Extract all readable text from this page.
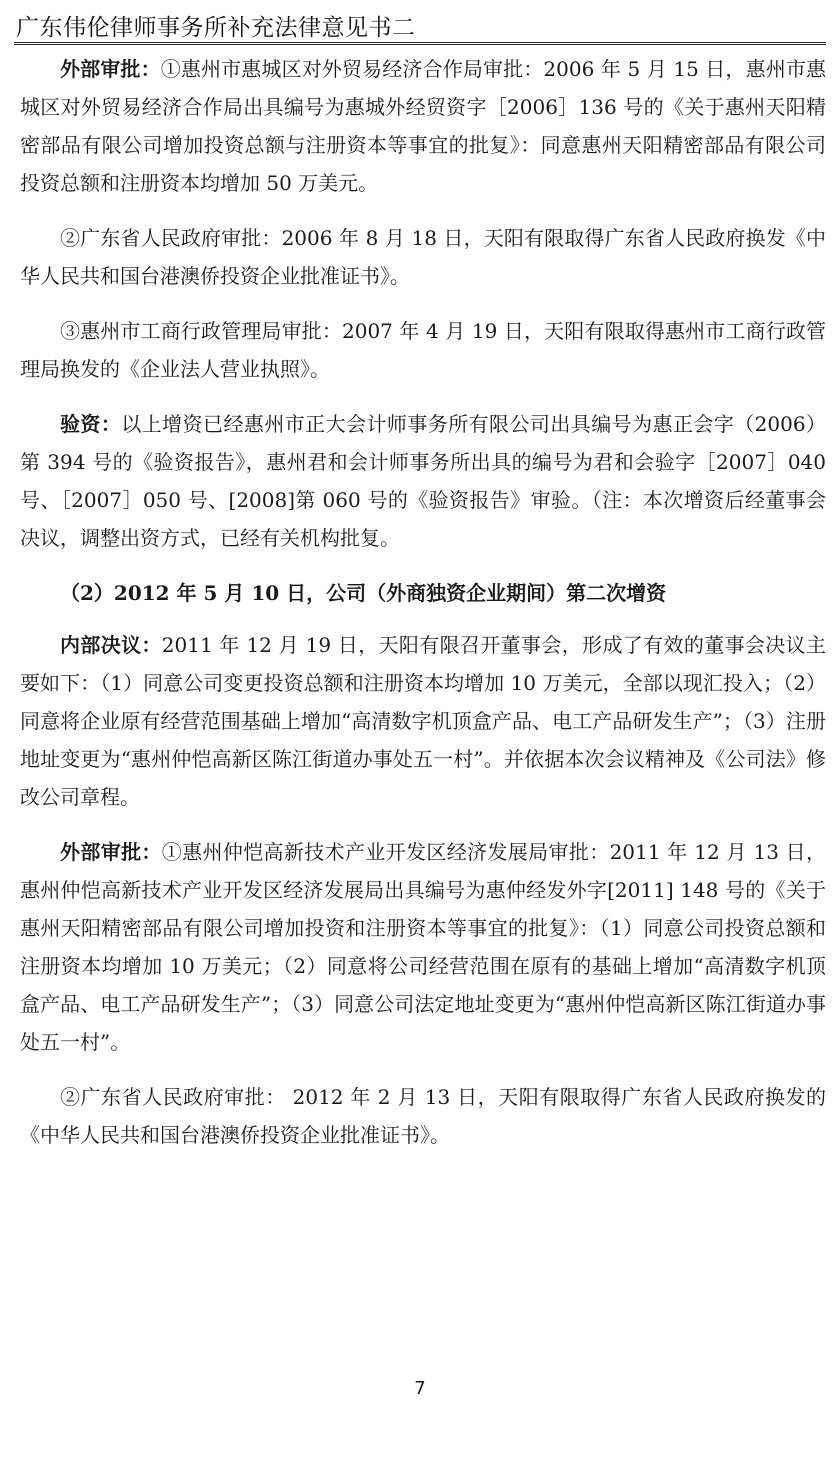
广东伟伦律师事务所补充法律意见书二

外部审批：①惠州市惠城区对外贸易经济合作局审批：2006 年 5 月 15 日，惠州市惠城区对外贸易经济合作局出具编号为惠城外经贸资字［2006］136 号的《关于惠州天阳精密部品有限公司增加投资总额与注册资本等事宜的批复》：同意惠州天阳精密部品有限公司投资总额和注册资本均增加 50 万美元。

②广东省人民政府审批：2006 年 8 月 18 日，天阳有限取得广东省人民政府换发《中华人民共和国台港澳侨投资企业批准证书》。

③惠州市工商行政管理局审批：2007 年 4 月 19 日，天阳有限取得惠州市工商行政管理局换发的《企业法人营业执照》。

验资：以上增资已经惠州市正大会计师事务所有限公司出具编号为惠正会字（2006）第 394 号的《验资报告》，惠州君和会计师事务所出具的编号为君和会验字［2007］040 号、［2007］050 号、[2008]第 060 号的《验资报告》审验。（注：本次增资后经董事会决议，调整出资方式，已经有关机构批复。

（2）2012 年 5 月 10 日，公司（外商独资企业期间）第二次增资

内部决议：2011 年 12 月 19 日，天阳有限召开董事会，形成了有效的董事会决议主要如下：（1）同意公司变更投资总额和注册资本均增加 10 万美元，全部以现汇投入；（2）同意将企业原有经营范围基础上增加“高清数字机顶盒产品、电工产品研发生产”；（3）注册地址变更为“惠州仲恺高新区陈江街道办事处五一村”。并依据本次会议精神及《公司法》修改公司章程。

外部审批：①惠州仲恺高新技术产业开发区经济发展局审批：2011 年 12 月 13 日，惠州仲恺高新技术产业开发区经济发展局出具编号为惠仲经发外字[2011] 148 号的《关于惠州天阳精密部品有限公司增加投资和注册资本等事宜的批复》：（1）同意公司投资总额和注册资本均增加 10 万美元；（2）同意将公司经营范围在原有的基础上增加“高清数字机顶盒产品、电工产品研发生产”；（3）同意公司法定地址变更为“惠州仲恺高新区陈江街道办事处五一村”。

②广东省人民政府审批： 2012 年 2 月 13 日，天阳有限取得广东省人民政府换发的《中华人民共和国台港澳侨投资企业批准证书》。

7
